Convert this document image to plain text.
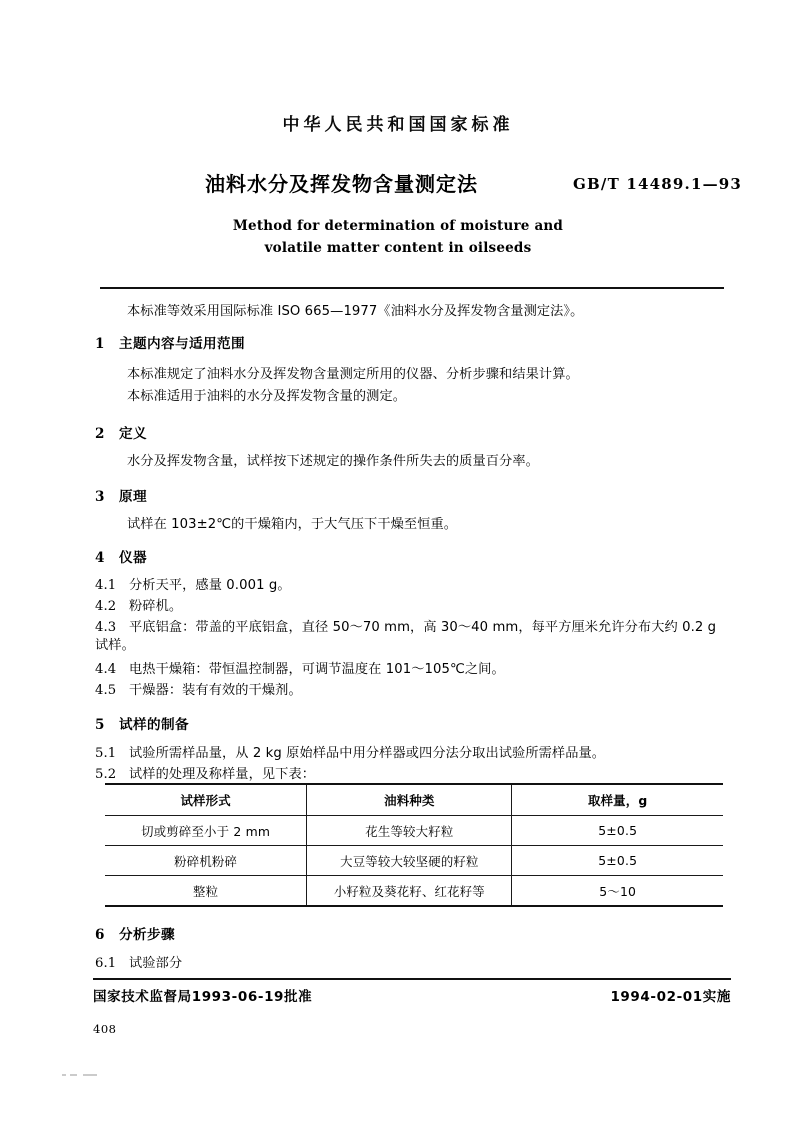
中华人民共和国国家标准
油料水分及挥发物含量测定法	GB/T 14489.1—93
Method for determination of moisture and
volatile matter content in oilseeds
本标准等效采用国际标准 ISO 665—1977《油料水分及挥发物含量测定法》。
1 主题内容与适用范围
本标准规定了油料水分及挥发物含量测定所用的仪器、分析步骤和结果计算。
本标准适用于油料的水分及挥发物含量的测定。
2 定义
水分及挥发物含量，试样按下述规定的操作条件所失去的质量百分率。
3 原理
试样在 103±2℃的干燥箱内，于大气压下干燥至恒重。
4 仪器
4.1 分析天平，感量 0.001 g。
4.2 粉碎机。
4.3 平底铝盒：带盖的平底铝盒，直径 50～70 mm，高 30～40 mm，每平方厘米允许分布大约 0.2 g 试样。
4.4 电热干燥箱：带恒温控制器，可调节温度在 101～105℃之间。
4.5 干燥器：装有有效的干燥剂。
5 试样的制备
5.1 试验所需样品量，从 2 kg 原始样品中用分样器或四分法分取出试验所需样品量。
5.2 试样的处理及称样量，见下表：
试样形式	油料种类	取样量，g
切或剪碎至小于 2 mm	花生等较大籽粒	5±0.5
粉碎机粉碎	大豆等较大较坚硬的籽粒	5±0.5
整粒	小籽粒及葵花籽、红花籽等	5～10
6 分析步骤
6.1 试验部分
国家技术监督局1993-06-19批准	1994-02-01实施
408
